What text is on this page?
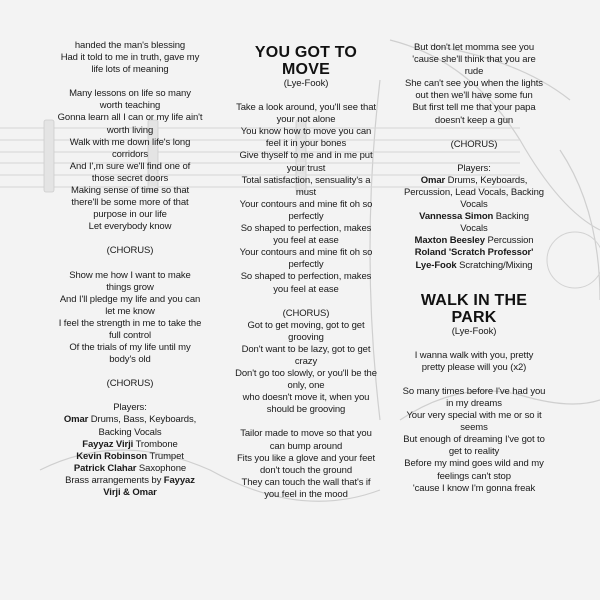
handed the man's blessing
Had it told to me in truth, gave my
life lots of meaning
Many lessons on life so many
worth teaching
Gonna learn all I can or my life ain't
worth living
Walk with me down life's long
corridors
And I',m sure we'll find one of
those secret doors
Making sense of time so that
there'll be some more of that
purpose in our life
Let everybody know
(CHORUS)
Show me how I want to make
things grow
And I'll pledge my life and you can
let me know
I feel the strength in me to take the
full control
Of the trials of my life until my
body's old
(CHORUS)
Players:
Omar Drums, Bass, Keyboards,
Backing Vocals
Fayyaz Virji Trombone
Kevin Robinson Trumpet
Patrick Clahar Saxophone
Brass arrangements by Fayyaz
Virji & Omar
YOU GOT TO
MOVE
(Lye-Fook)
Take a look around, you'll see that
your not alone
You know how to move you can
feel it in your bones
Give thyself to me and in me put
your trust
Total satisfaction, sensuality's a
must
Your contours and mine fit oh so
perfectly
So shaped to perfection, makes
you feel at ease
Your contours and mine fit oh so
perfectly
So shaped to perfection, makes
you feel at ease
(CHORUS)
Got to get moving, got to get
grooving
Don't want to be lazy, got to get
crazy
Don't go too slowly, or you'll be the
only, one
who doesn't move it, when you
should be grooving
Tailor made to move so that you
can bump around
Fits you like a glove and your feet
don't touch the ground
They can touch the wall that's if
you feel in the mood
But don't let momma see you
'cause she'll think that you are
rude
She can't see you when the lights
out then we'll have some fun
But first tell me that your papa
doesn't keep a gun
(CHORUS)
Players:
Omar Drums, Keyboards,
Percussion, Lead Vocals, Backing
Vocals
Vannessa Simon Backing
Vocals
Maxton Beesley Percussion
Roland 'Scratch Professor'
Lye-Fook Scratching/Mixing
WALK IN THE
PARK
(Lye-Fook)
I wanna walk with you, pretty
pretty please will you (x2)
So many times before I've had you
in my dreams
Your very special with me or so it
seems
But enough of dreaming I've got to
get to reality
Before my mind goes wild and my
feelings can't stop
'cause I know I'm gonna freak
